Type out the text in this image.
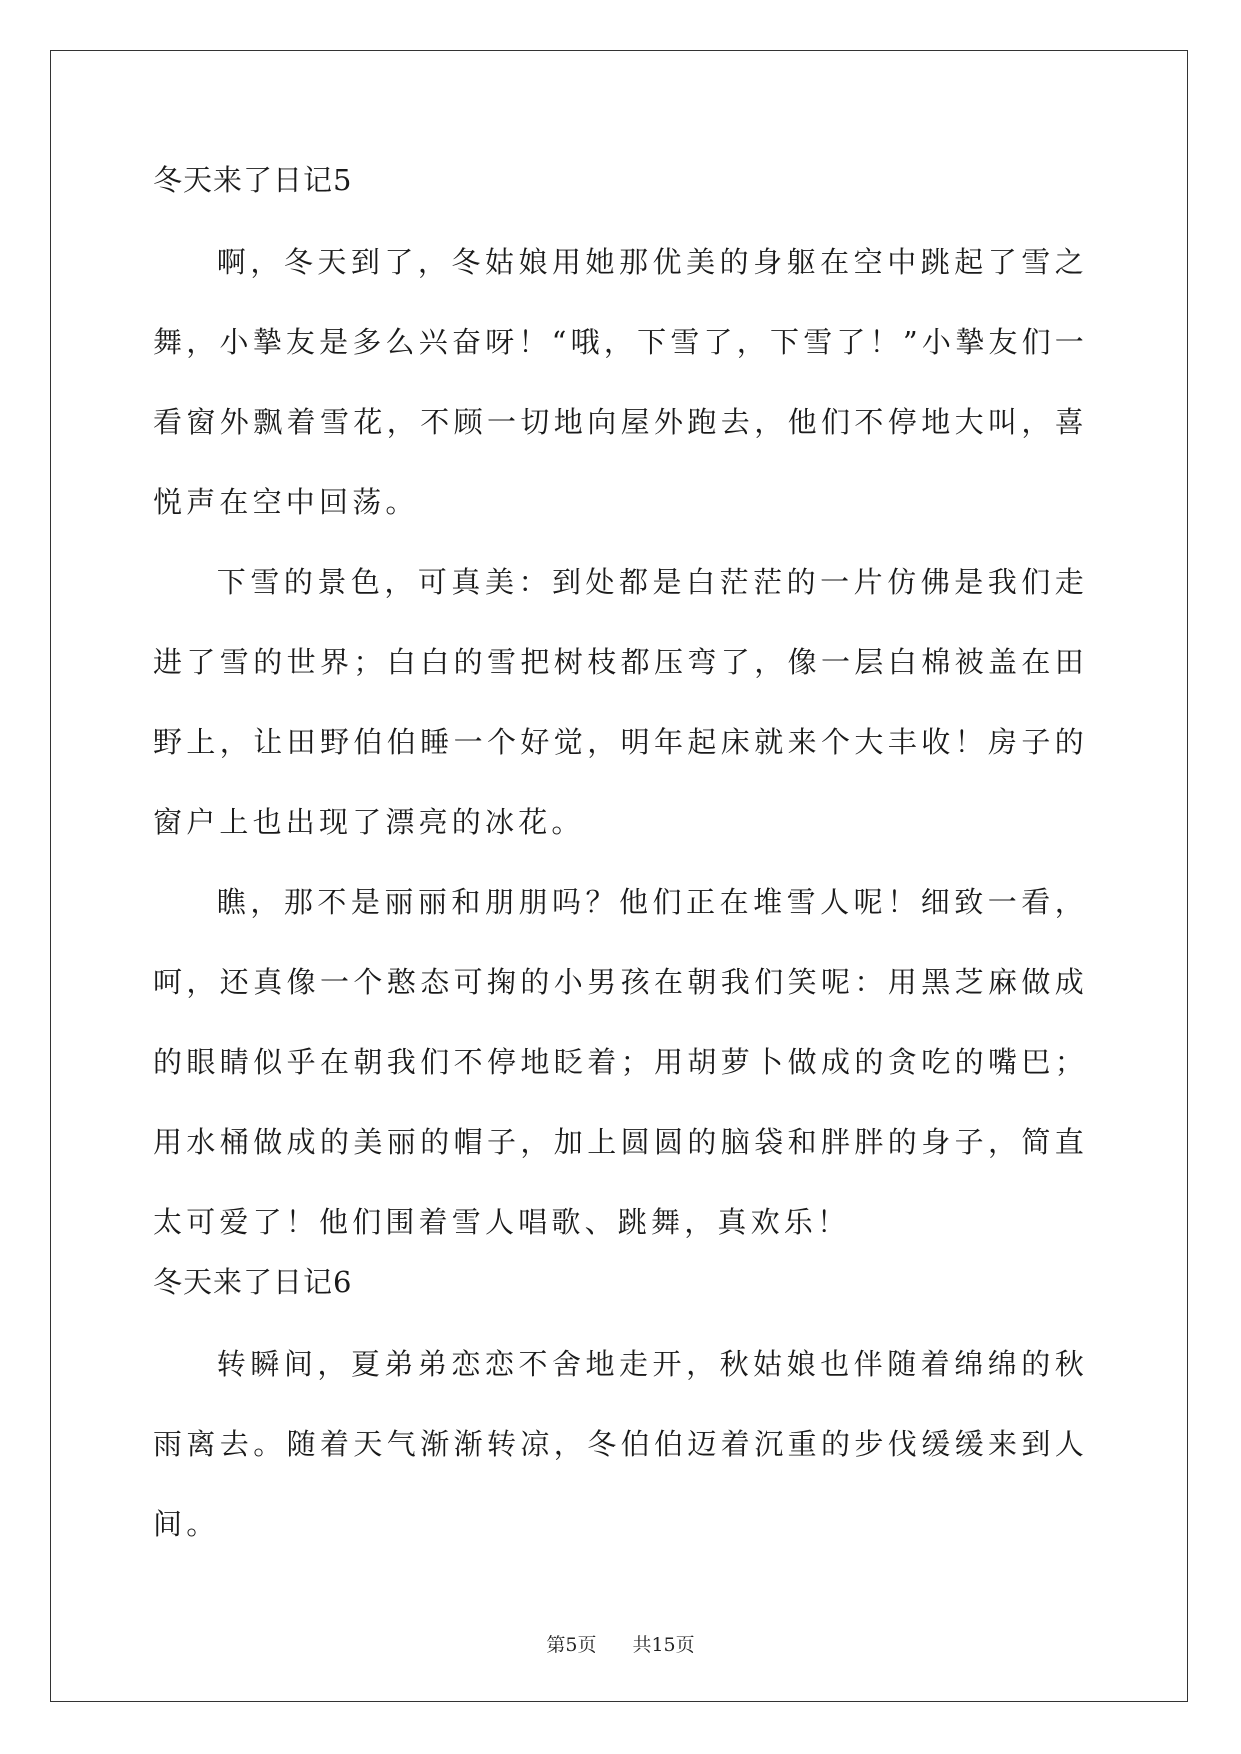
冬天来了日记5

啊，冬天到了，冬姑娘用她那优美的身躯在空中跳起了雪之舞，小摯友是多么兴奋呀！“哦，下雪了，下雪了！”小摯友们一看窗外飘着雪花，不顾一切地向屋外跑去，他们不停地大叫，喜悦声在空中回荡。

下雪的景色，可真美：到处都是白茫茫的一片仿佛是我们走进了雪的世界；白白的雪把树枝都压弯了，像一层白棉被盖在田野上，让田野伯伯睡一个好觉，明年起床就来个大丰收！房子的窗户上也出现了漂亮的冰花。

瞧，那不是丽丽和朋朋吗？他们正在堆雪人呢！细致一看，呵，还真像一个憨态可掬的小男孩在朝我们笑呢：用黑芝麻做成的眼睛似乎在朝我们不停地眨着；用胡萝卜做成的贪吃的嘴巴；用水桶做成的美丽的帽子，加上圆圆的脑袋和胖胖的身子，简直太可爱了！他们围着雪人唱歌、跳舞，真欢乐！

冬天来了日记6

转瞬间，夏弟弟恋恋不舍地走开，秋姑娘也伴随着绵绵的秋雨离去。随着天气渐渐转凉，冬伯伯迈着沉重的步伐缓缓来到人间。

第5页 共15页
